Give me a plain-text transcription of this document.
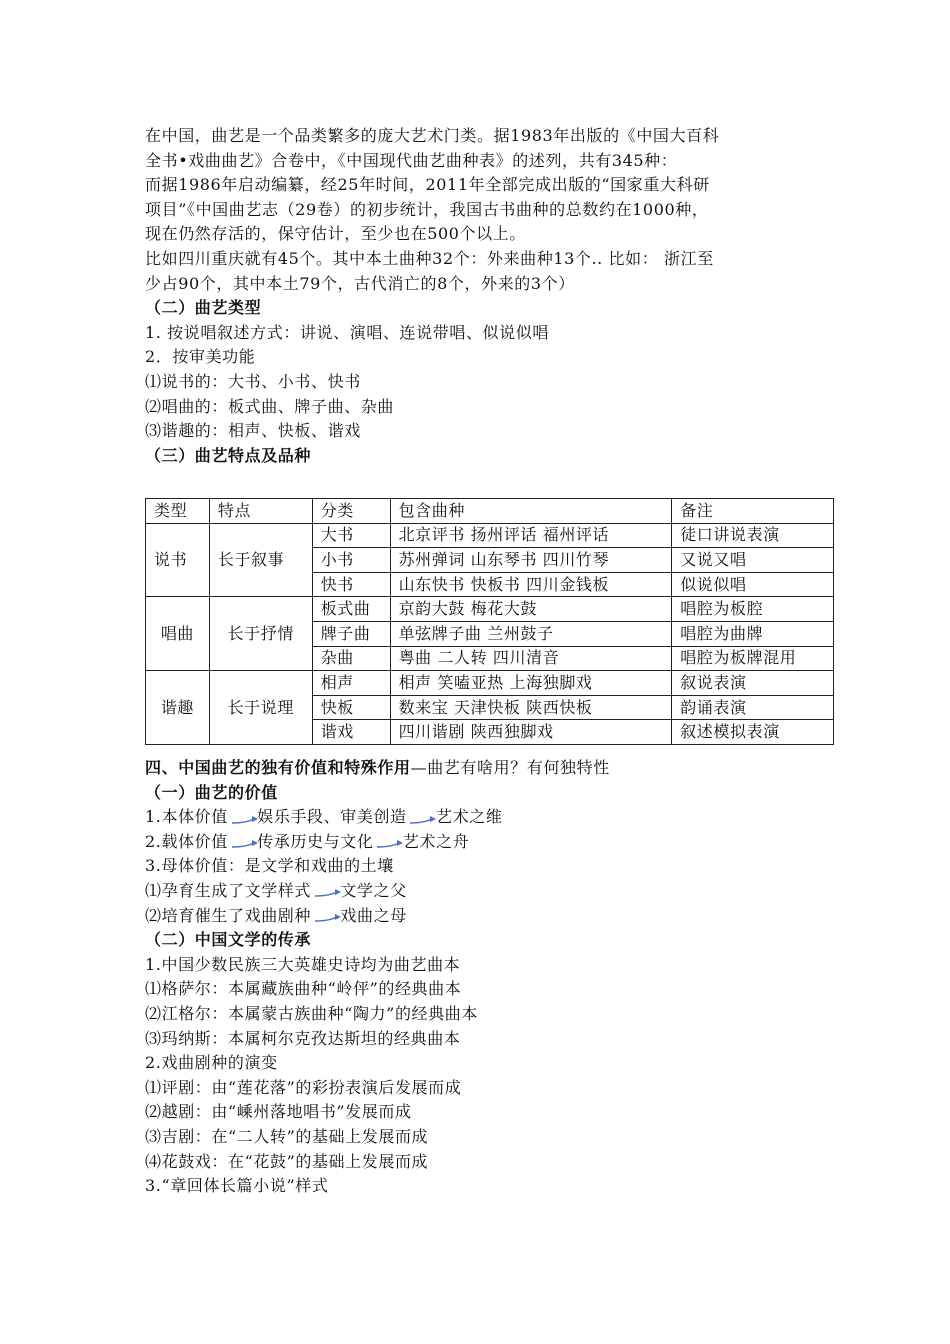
在中国，曲艺是一个品类繁多的庞大艺术门类。据1983年出版的《中国大百科
全书•戏曲曲艺》合卷中，《中国现代曲艺曲种表》的述列，共有345种：
而据1986年启动编纂，经25年时间，2011年全部完成出版的“国家重大科研
项目”《中国曲艺志（29卷）的初步统计，我国古书曲种的总数约在1000种，
现在仍然存活的，保守估计，至少也在500个以上。
比如四川重庆就有45个。其中本土曲种32个：外来曲种13个.. 比如： 浙江至
少占90个，其中本土79个，古代消亡的8个，外来的3个）
（二）曲艺类型
1. 按说唱叙述方式：讲说、演唱、连说带唱、似说似唱
2．按审美功能
⑴说书的：大书、小书、快书
⑵唱曲的：板式曲、牌子曲、杂曲
⑶谐趣的：相声、快板、谐戏
（三）曲艺特点及品种
类型	特点	分类	包含曲种	备注
说书	长于叙事	大书	北京评书 扬州评话 福州评话	徒口讲说表演
		小书	苏州弹词 山东琴书 四川竹琴	又说又唱
		快书	山东快书 快板书 四川金钱板	似说似唱
唱曲	长于抒情	板式曲	京韵大鼓 梅花大鼓	唱腔为板腔
		牌子曲	单弦牌子曲 兰州鼓子	唱腔为曲牌
		杂曲	粤曲 二人转 四川清音	唱腔为板牌混用
谐趣	长于说理	相声	相声 笑嗑亚热 上海独脚戏	叙说表演
		快板	数来宝 天津快板 陕西快板	韵诵表演
		谐戏	四川谐剧 陕西独脚戏	叙述模拟表演
四、中国曲艺的独有价值和特殊作用—曲艺有啥用？有何独特性
（一）曲艺的价值
1.本体价值 娱乐手段、审美创造 艺术之维
2.载体价值 传承历史与文化 艺术之舟
3.母体价值：是文学和戏曲的土壤
⑴孕育生成了文学样式 文学之父
⑵培育催生了戏曲剧种 戏曲之母
（二）中国文学的传承
1.中国少数民族三大英雄史诗均为曲艺曲本
⑴格萨尔：本属藏族曲种“岭伻”的经典曲本
⑵江格尔：本属蒙古族曲种“陶力”的经典曲本
⑶玛纳斯：本属柯尔克孜达斯坦的经典曲本
2.戏曲剧种的演变
⑴评剧：由“莲花落”的彩扮表演后发展而成
⑵越剧：由“嵊州落地唱书”发展而成
⑶吉剧：在“二人转”的基础上发展而成
⑷花鼓戏：在“花鼓”的基础上发展而成
3.“章回体长篇小说”样式
